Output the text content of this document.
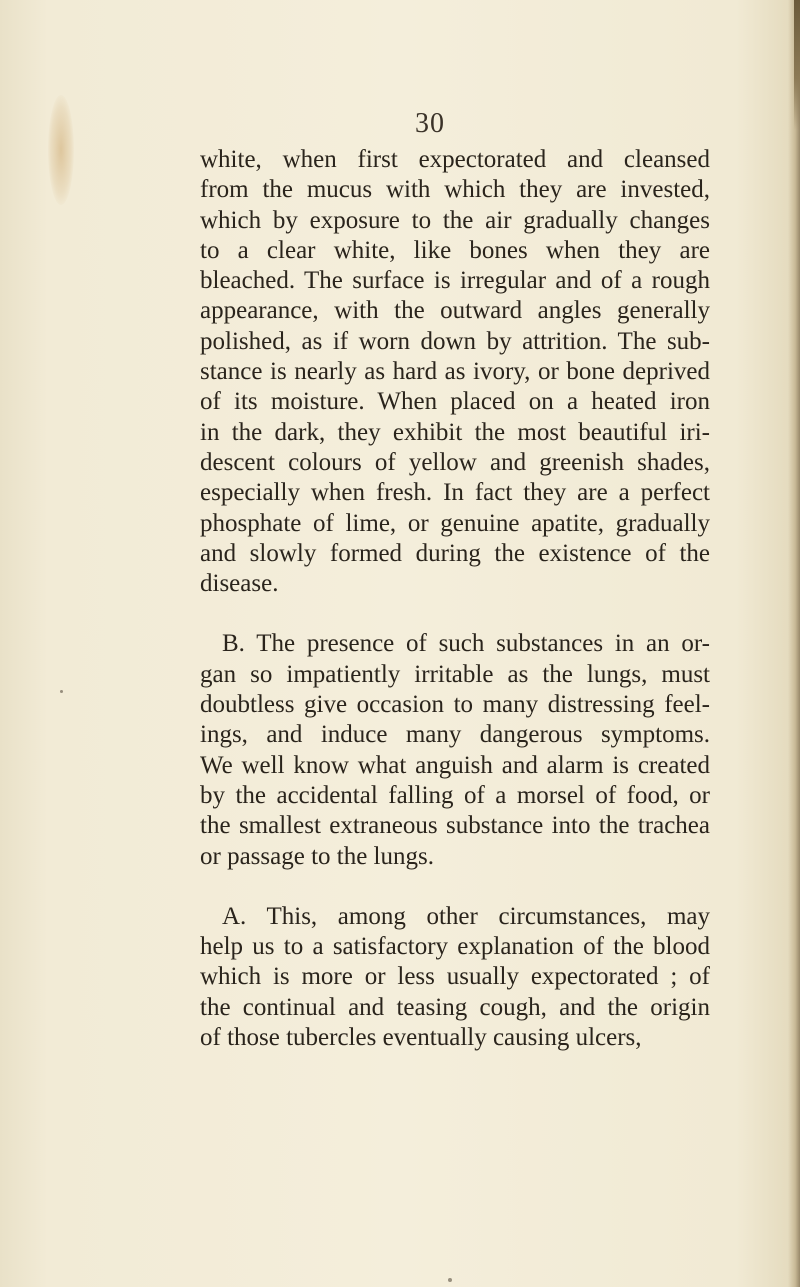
30
white, when first expectorated and cleansed
from the mucus with which they are invested,
which by exposure to the air gradually changes
to a clear white, like bones when they are
bleached. The surface is irregular and of a rough
appearance, with the outward angles generally
polished, as if worn down by attrition. The sub-
stance is nearly as hard as ivory, or bone deprived
of its moisture. When placed on a heated iron
in the dark, they exhibit the most beautiful iri-
descent colours of yellow and greenish shades,
especially when fresh. In fact they are a perfect
phosphate of lime, or genuine apatite, gradually
and slowly formed during the existence of the
disease.
B. The presence of such substances in an or-
gan so impatiently irritable as the lungs, must
doubtless give occasion to many distressing feel-
ings, and induce many dangerous symptoms.
We well know what anguish and alarm is created
by the accidental falling of a morsel of food, or
the smallest extraneous substance into the trachea
or passage to the lungs.
A. This, among other circumstances, may
help us to a satisfactory explanation of the blood
which is more or less usually expectorated ; of
the continual and teasing cough, and the origin
of those tubercles eventually causing ulcers,
